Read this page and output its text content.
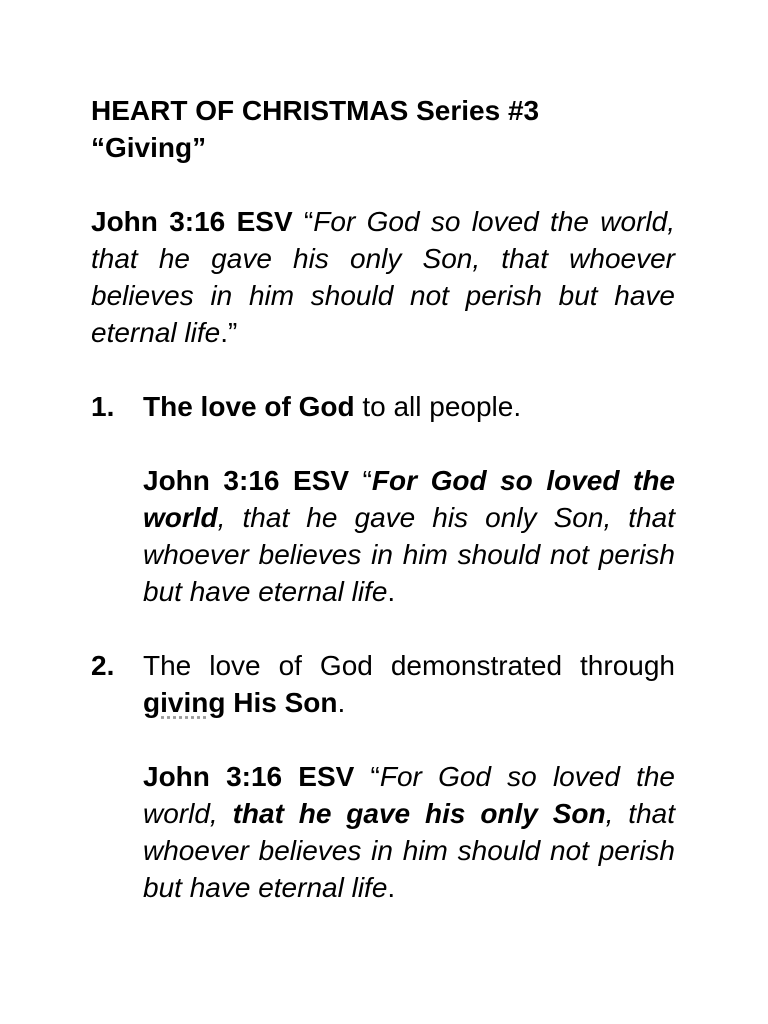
HEART OF CHRISTMAS Series #3
“Giving”

John 3:16 ESV “For God so loved the world, that he gave his only Son, that whoever believes in him should not perish but have eternal life.”

1. The love of God to all people.

John 3:16 ESV “For God so loved the world, that he gave his only Son, that whoever believes in him should not perish but have eternal life.

2. The love of God demonstrated through giving His Son.

John 3:16 ESV “For God so loved the world, that he gave his only Son, that whoever believes in him should not perish but have eternal life.
